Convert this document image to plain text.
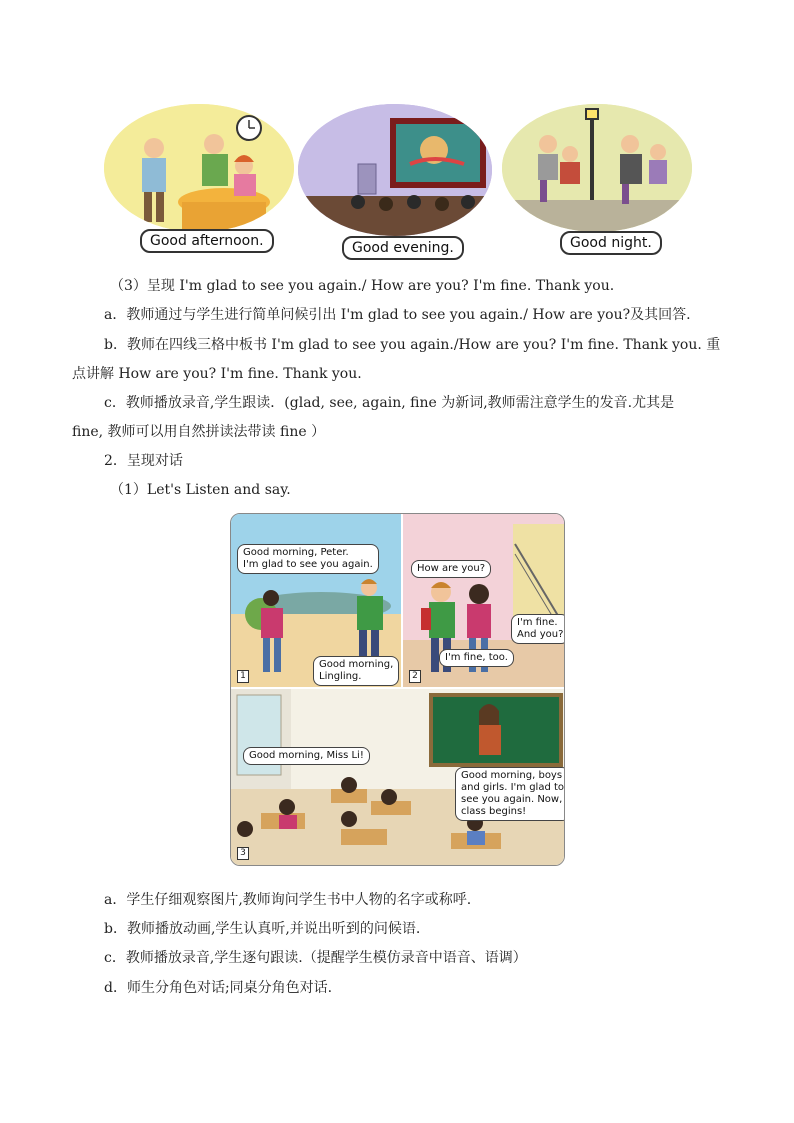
Good afternoon.	Good evening.	Good night.
（3）呈现 I'm glad to see you again./ How are you? I'm fine. Thank you.
a．教师通过与学生进行简单问候引出 I'm glad to see you again./ How are you?及其回答.
b．教师在四线三格中板书 I'm glad to see you again./How are you? I'm fine. Thank you. 重
点讲解 How are you? I'm fine. Thank you.
c．教师播放录音,学生跟读．(glad, see, again, fine 为新词,教师需注意学生的发音.尤其是
fine, 教师可以用自然拼读法带读 fine ）
2．呈现对话
（1）Let's Listen and say.
Good morning, Peter.
I'm glad to see you again.
Good morning,
Lingling.
1
How are you?
I'm fine.
And you?
I'm fine, too.
2
Good morning, Miss Li!
Good morning, boys
and girls. I'm glad to
see you again. Now,
class begins!
3
a．学生仔细观察图片,教师询问学生书中人物的名字或称呼.
b．教师播放动画,学生认真听,并说出听到的问候语.
c．教师播放录音,学生逐句跟读.（提醒学生模仿录音中语音、语调）
d．师生分角色对话;同桌分角色对话.
